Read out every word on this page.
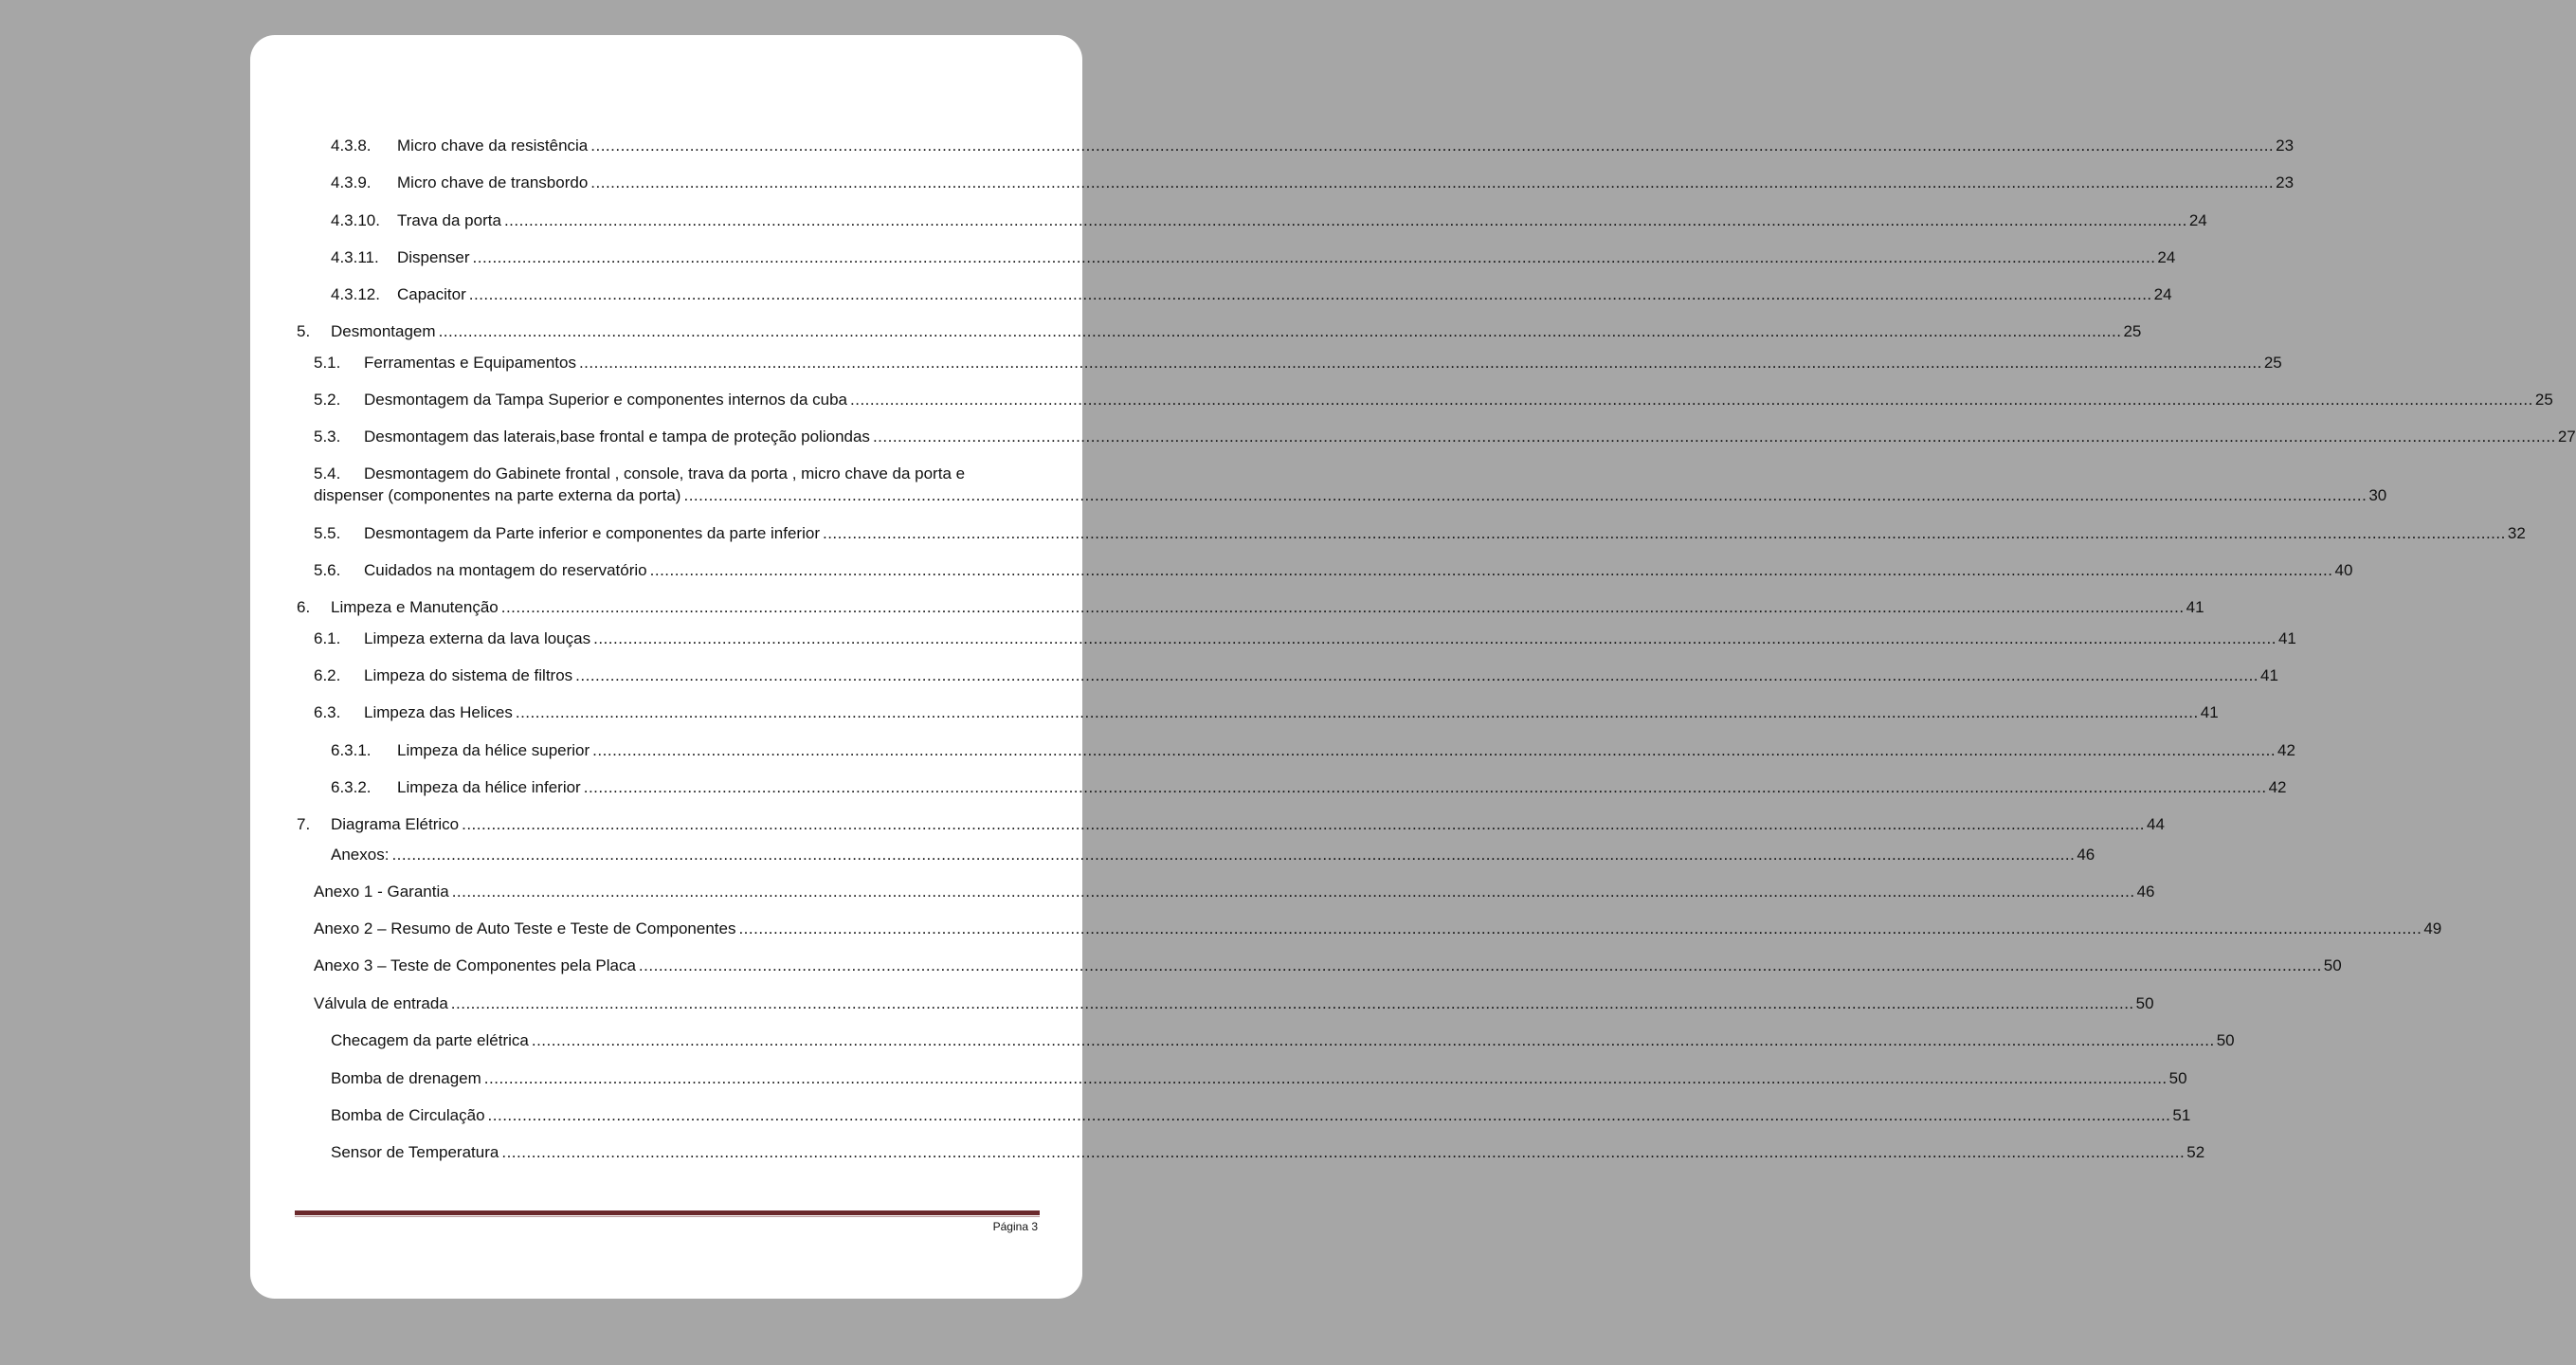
4.3.8. Micro chave da resistência .....	23
4.3.9. Micro chave de transbordo .....	23
4.3.10. Trava da porta .....	24
4.3.11. Dispenser .....	24
4.3.12. Capacitor .....	24
5. Desmontagem .....	25
5.1. Ferramentas e Equipamentos .....	25
5.2. Desmontagem da Tampa Superior e componentes internos da cuba .....	25
5.3. Desmontagem das laterais,base frontal e tampa de proteção poliondas .....	27
5.4. Desmontagem do Gabinete frontal , console, trava da porta , micro chave da porta e
dispenser (componentes na parte externa da porta) .....	30
5.5. Desmontagem da Parte inferior e componentes da parte inferior .....	32
5.6. Cuidados na montagem do reservatório .....	40
6. Limpeza e Manutenção .....	41
6.1. Limpeza externa da lava louças .....	41
6.2. Limpeza do sistema de filtros .....	41
6.3. Limpeza das Helices .....	41
6.3.1. Limpeza da hélice superior .....	42
6.3.2. Limpeza da hélice inferior .....	42
7. Diagrama Elétrico .....	44
Anexos: .....	46
Anexo 1 - Garantia .....	46
Anexo 2 – Resumo de Auto Teste e Teste de Componentes .....	49
Anexo 3 – Teste de Componentes pela Placa .....	50
Válvula de entrada .....	50
Checagem da parte elétrica .....	50
Bomba de drenagem .....	50
Bomba de Circulação .....	51
Sensor de Temperatura .....	52
Página 3
